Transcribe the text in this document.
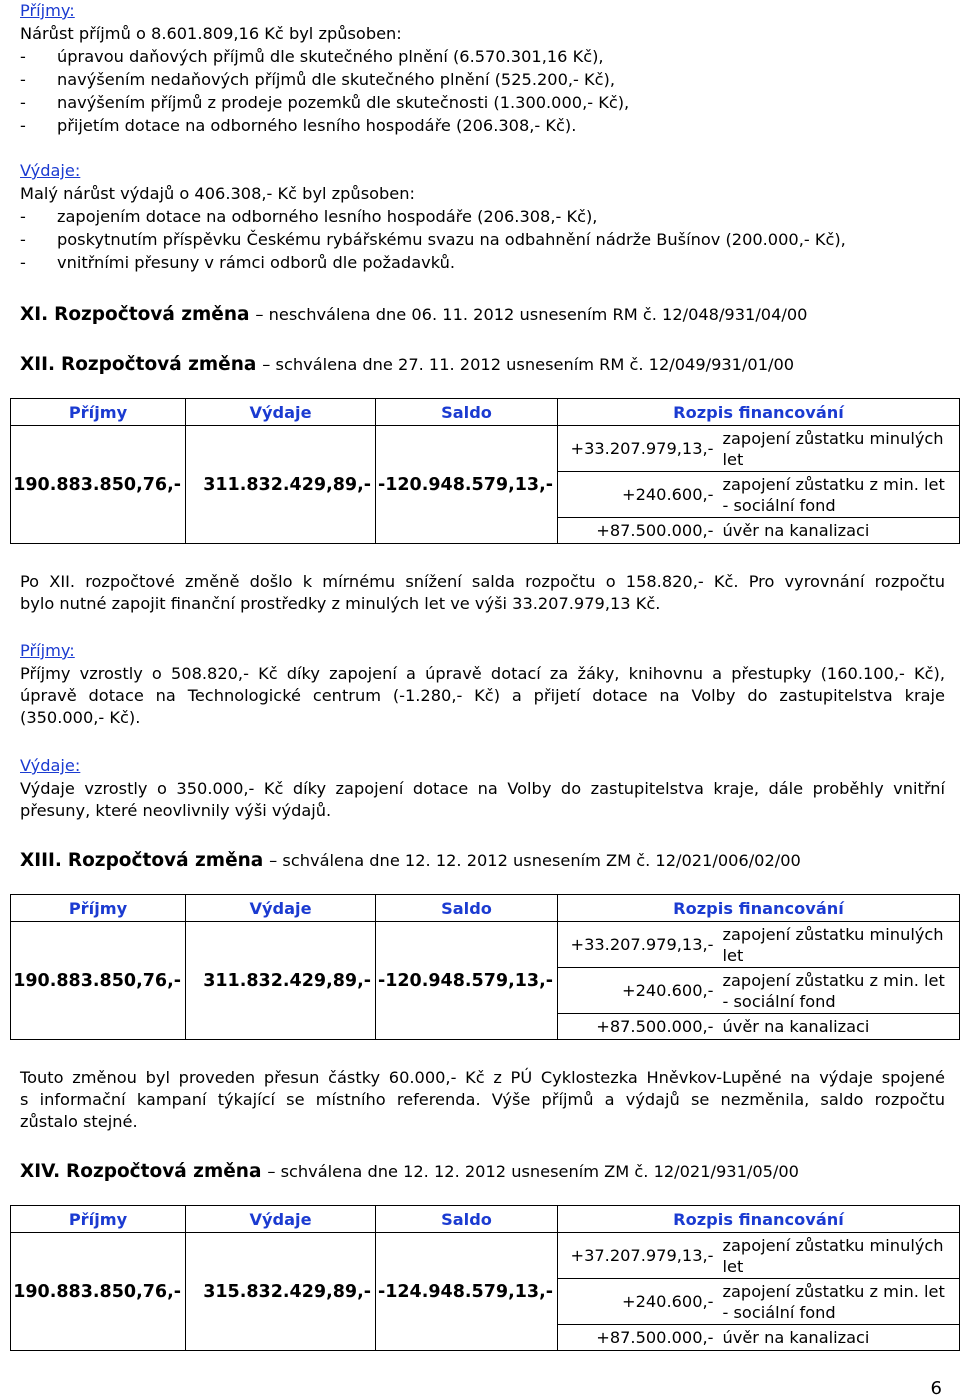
Příjmy:
Nárůst příjmů o 8.601.809,16 Kč byl způsoben:
- úpravou daňových příjmů dle skutečného plnění (6.570.301,16 Kč),
- navýšením nedaňových příjmů dle skutečného plnění (525.200,- Kč),
- navýšením příjmů z prodeje pozemků dle skutečnosti (1.300.000,- Kč),
- přijetím dotace na odborného lesního hospodáře (206.308,- Kč).
Výdaje:
Malý nárůst výdajů o 406.308,- Kč byl způsoben:
- zapojením dotace na odborného lesního hospodáře (206.308,- Kč),
- poskytnutím příspěvku Českému rybářskému svazu na odbahnění nádrže Bušínov (200.000,- Kč),
- vnitřními přesuny v rámci odborů dle požadavků.
XI. Rozpočtová změna – neschválena dne 06. 11. 2012 usnesením RM č. 12/048/931/04/00
XII. Rozpočtová změna – schválena dne 27. 11. 2012 usnesením RM č. 12/049/931/01/00
Příjmy	Výdaje	Saldo	Rozpis financování	
190.883.850,76,-	311.832.429,89,-	-120.948.579,13,-	+33.207.979,13,-	zapojení zůstatku minulých
let
			+240.600,-	zapojení zůstatku z min. let
- sociální fond
			+87.500.000,-	úvěr na kanalizaci
Po XII. rozpočtové změně došlo k mírnému snížení salda rozpočtu o 158.820,- Kč. Pro vyrovnání rozpočtu
bylo nutné zapojit finanční prostředky z minulých let ve výši 33.207.979,13 Kč.
Příjmy:
Příjmy vzrostly o 508.820,- Kč díky zapojení a úpravě dotací za žáky, knihovnu a přestupky (160.100,- Kč),
úpravě dotace na Technologické centrum (-1.280,- Kč) a přijetí dotace na Volby do zastupitelstva kraje
(350.000,- Kč).
Výdaje:
Výdaje vzrostly o 350.000,- Kč díky zapojení dotace na Volby do zastupitelstva kraje, dále proběhly vnitřní
přesuny, které neovlivnily výši výdajů.
XIII. Rozpočtová změna – schválena dne 12. 12. 2012 usnesením ZM č. 12/021/006/02/00
Příjmy	Výdaje	Saldo	Rozpis financování	
190.883.850,76,-	311.832.429,89,-	-120.948.579,13,-	+33.207.979,13,-	zapojení zůstatku minulých
let
			+240.600,-	zapojení zůstatku z min. let
- sociální fond
			+87.500.000,-	úvěr na kanalizaci
Touto změnou byl proveden přesun částky 60.000,- Kč z PÚ Cyklostezka Hněvkov-Lupěné na výdaje spojené
s informační kampaní týkající se místního referenda. Výše příjmů a výdajů se nezměnila, saldo rozpočtu
zůstalo stejné.
XIV. Rozpočtová změna – schválena dne 12. 12. 2012 usnesením ZM č. 12/021/931/05/00
Příjmy	Výdaje	Saldo	Rozpis financování	
190.883.850,76,-	315.832.429,89,-	-124.948.579,13,-	+37.207.979,13,-	zapojení zůstatku minulých
let
			+240.600,-	zapojení zůstatku z min. let
- sociální fond
			+87.500.000,-	úvěr na kanalizaci
6
